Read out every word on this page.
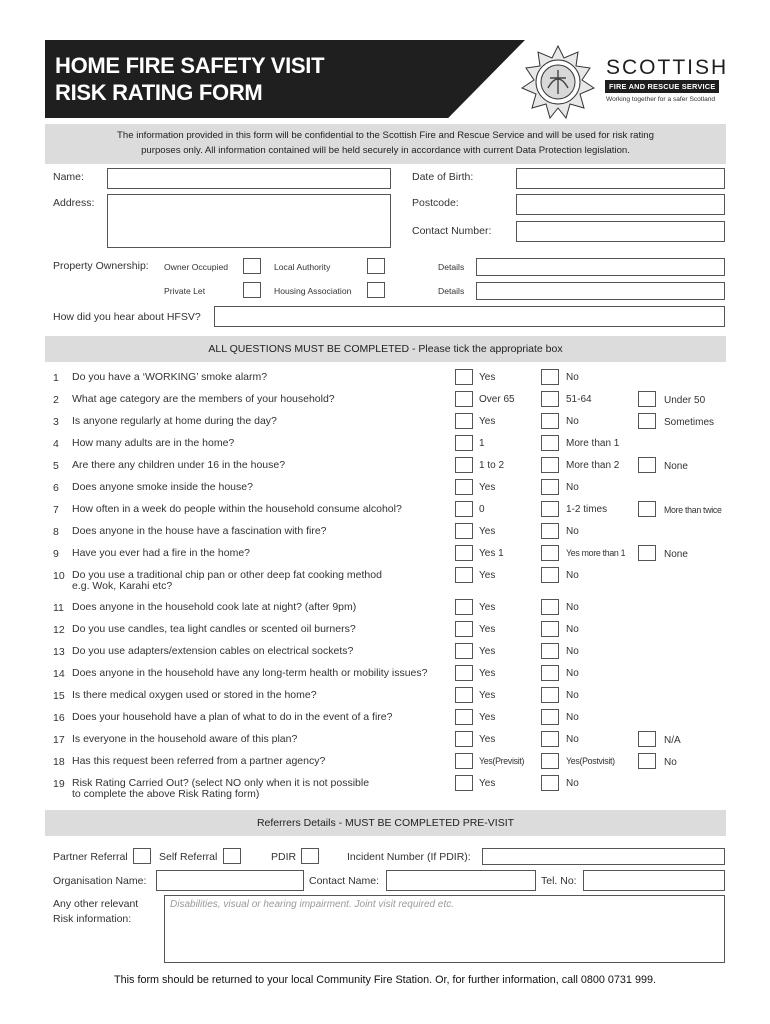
HOME FIRE SAFETY VISIT
RISK RATING FORM
SCOTTISH
FIRE AND RESCUE SERVICE
Working together for a safer Scotland
The information provided in this form will be confidential to the Scottish Fire and Rescue Service and will be used for risk rating
purposes only. All information contained will be held securely in accordance with current Data Protection legislation.
Name:	Date of Birth:
Address:	Postcode:
Contact Number:
Property Ownership: Owner Occupied	Local Authority	Details
Private Let	Housing Association	Details
How did you hear about HFSV?
ALL QUESTIONS MUST BE COMPLETED - Please tick the appropriate box
1 Do you have a ‘WORKING’ smoke alarm?	Yes	No
2 What age category are the members of your household?	Over 65	51-64	Under 50
3 Is anyone regularly at home during the day?	Yes	No	Sometimes
4 How many adults are in the home?	1	More than 1
5 Are there any children under 16 in the house?	1 to 2	More than 2	None
6 Does anyone smoke inside the house?	Yes	No
7 How often in a week do people within the household consume alcohol?	0	1-2 times	More than twice
8 Does anyone in the house have a fascination with fire?	Yes	No
9 Have you ever had a fire in the home?	Yes 1	Yes more than 1	None
10 Do you use a traditional chip pan or other deep fat cooking method
e.g. Wok, Karahi etc?
Yes	No
11 Does anyone in the household cook late at night? (after 9pm)	Yes	No
12 Do you use candles, tea light candles or scented oil burners?	Yes	No
13 Do you use adapters/extension cables on electrical sockets?	Yes	No
14 Does anyone in the household have any long-term health or mobility issues?	Yes	No
15 Is there medical oxygen used or stored in the home?	Yes	No
16 Does your household have a plan of what to do in the event of a fire?	Yes	No
17 Is everyone in the household aware of this plan?	Yes	No	N/A
18 Has this request been referred from a partner agency?	Yes(Previsit)	Yes(Postvisit)	No
19 Risk Rating Carried Out? (select NO only when it is not possible
to complete the above Risk Rating form)
Yes	No
Referrers Details - MUST BE COMPLETED PRE-VISIT
Partner Referral	Self Referral	PDIR	Incident Number (If PDIR):
Organisation Name:	Contact Name:	Tel. No:
Any other relevant
Risk information:
Disabilities, visual or hearing impairment. Joint visit required etc.
This form should be returned to your local Community Fire Station. Or, for further information, call 0800 0731 999.
